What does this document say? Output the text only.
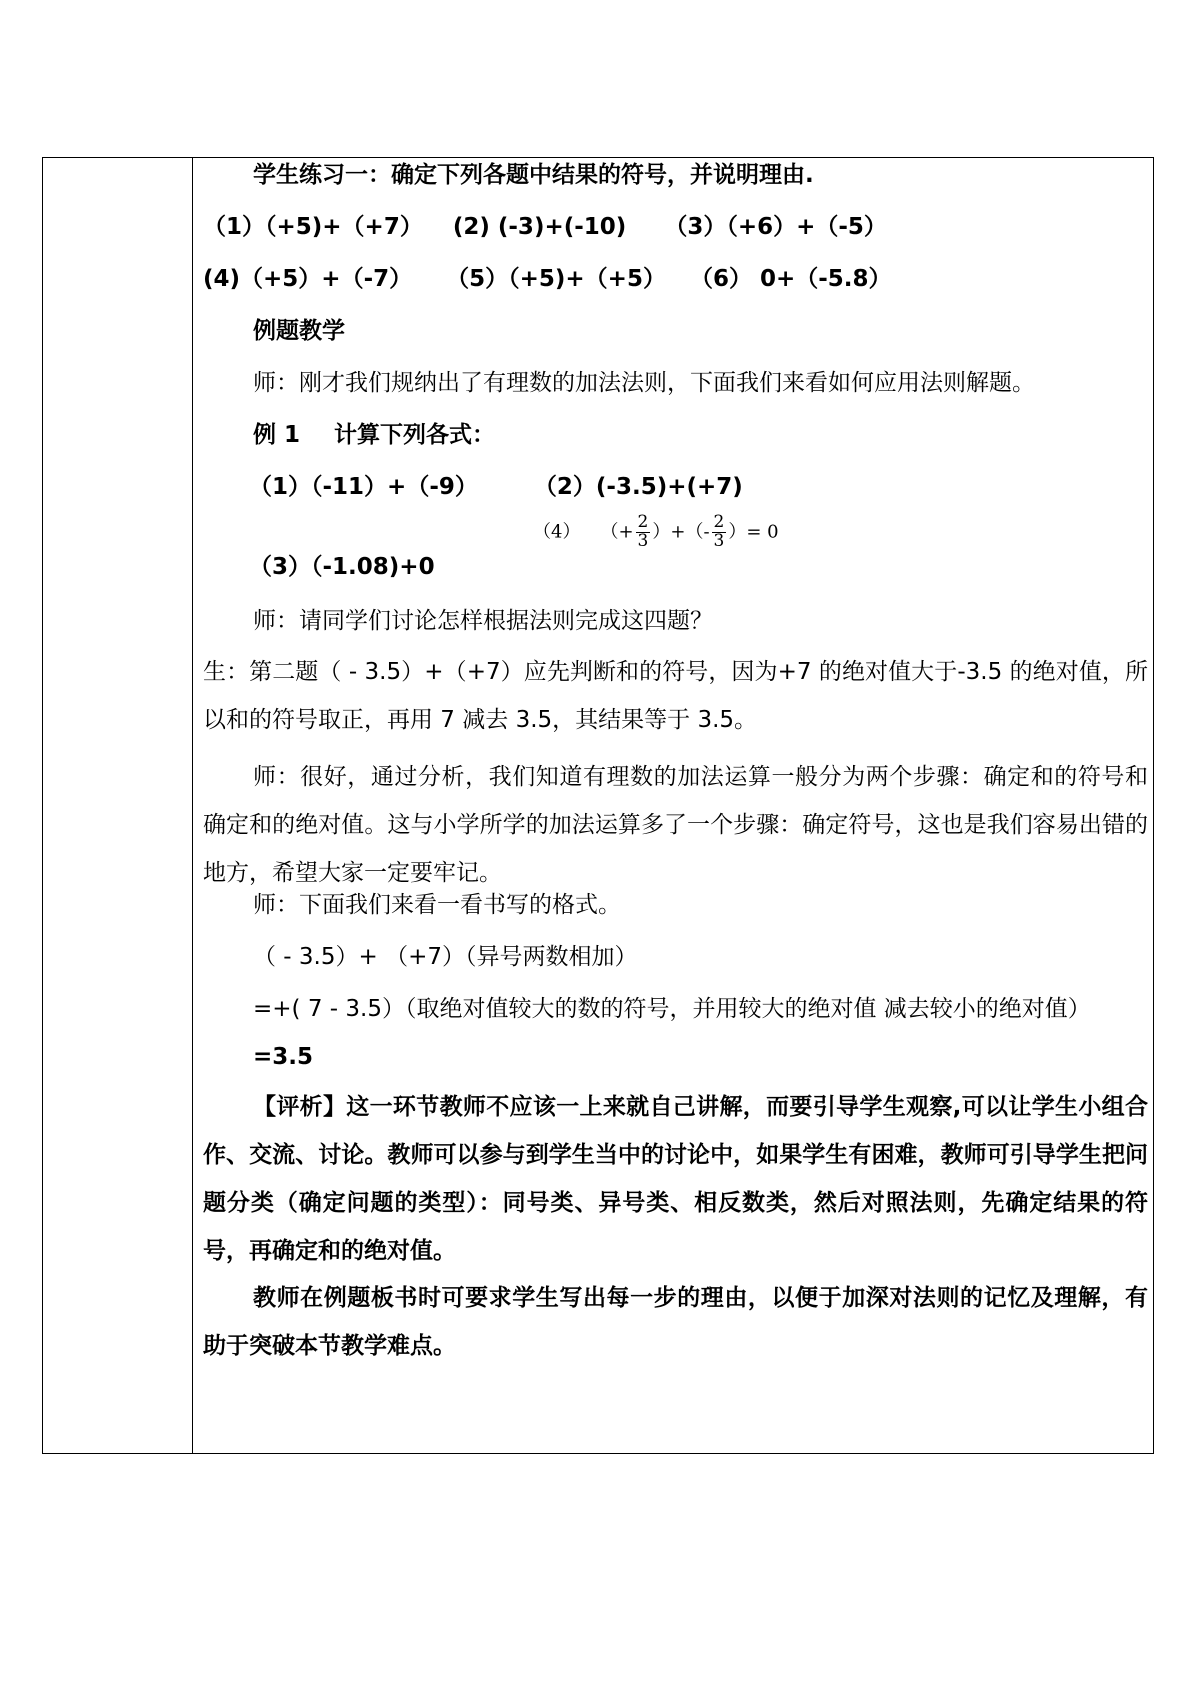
学生练习一：确定下列各题中结果的符号，并说明理由.
（1）（+5)+（+7） (2) (-3)+(-10) （3）（+6）+（-5）
(4)（+5）+（-7） （5）（+5)+（+5） （6） 0+（-5.8）
例题教学
师：刚才我们规纳出了有理数的加法法则，下面我们来看如何应用法则解题。
例 1 计算下列各式：
（1）（-11）+（-9） （2）(-3.5)+(+7)
（3）（-1.08)+0
（4） （+ $\frac{2}{3}$ ）+（- $\frac{2}{3}$ ）= 0
师：请同学们讨论怎样根据法则完成这四题？
生：第二题（ - 3.5）+（+7）应先判断和的符号，因为+7 的绝对值大于-3.5 的绝对值，所以和的符号取正，再用 7 减去 3.5，其结果等于 3.5。
师：很好，通过分析，我们知道有理数的加法运算一般分为两个步骤：确定和的符号和确定和的绝对值。这与小学所学的加法运算多了一个步骤：确定符号，这也是我们容易出错的地方，希望大家一定要牢记。
师：下面我们来看一看书写的格式。
（ - 3.5）+ （+7）（异号两数相加）
=+( 7 - 3.5）（取绝对值较大的数的符号，并用较大的绝对值 减去较小的绝对值）
=3.5
【评析】这一环节教师不应该一上来就自己讲解，而要引导学生观察,可以让学生小组合作、交流、讨论。教师可以参与到学生当中的讨论中，如果学生有困难，教师可引导学生把问题分类（确定问题的类型）：同号类、异号类、相反数类，然后对照法则，先确定结果的符号，再确定和的绝对值。
教师在例题板书时可要求学生写出每一步的理由，以便于加深对法则的记忆及理解，有助于突破本节教学难点。
